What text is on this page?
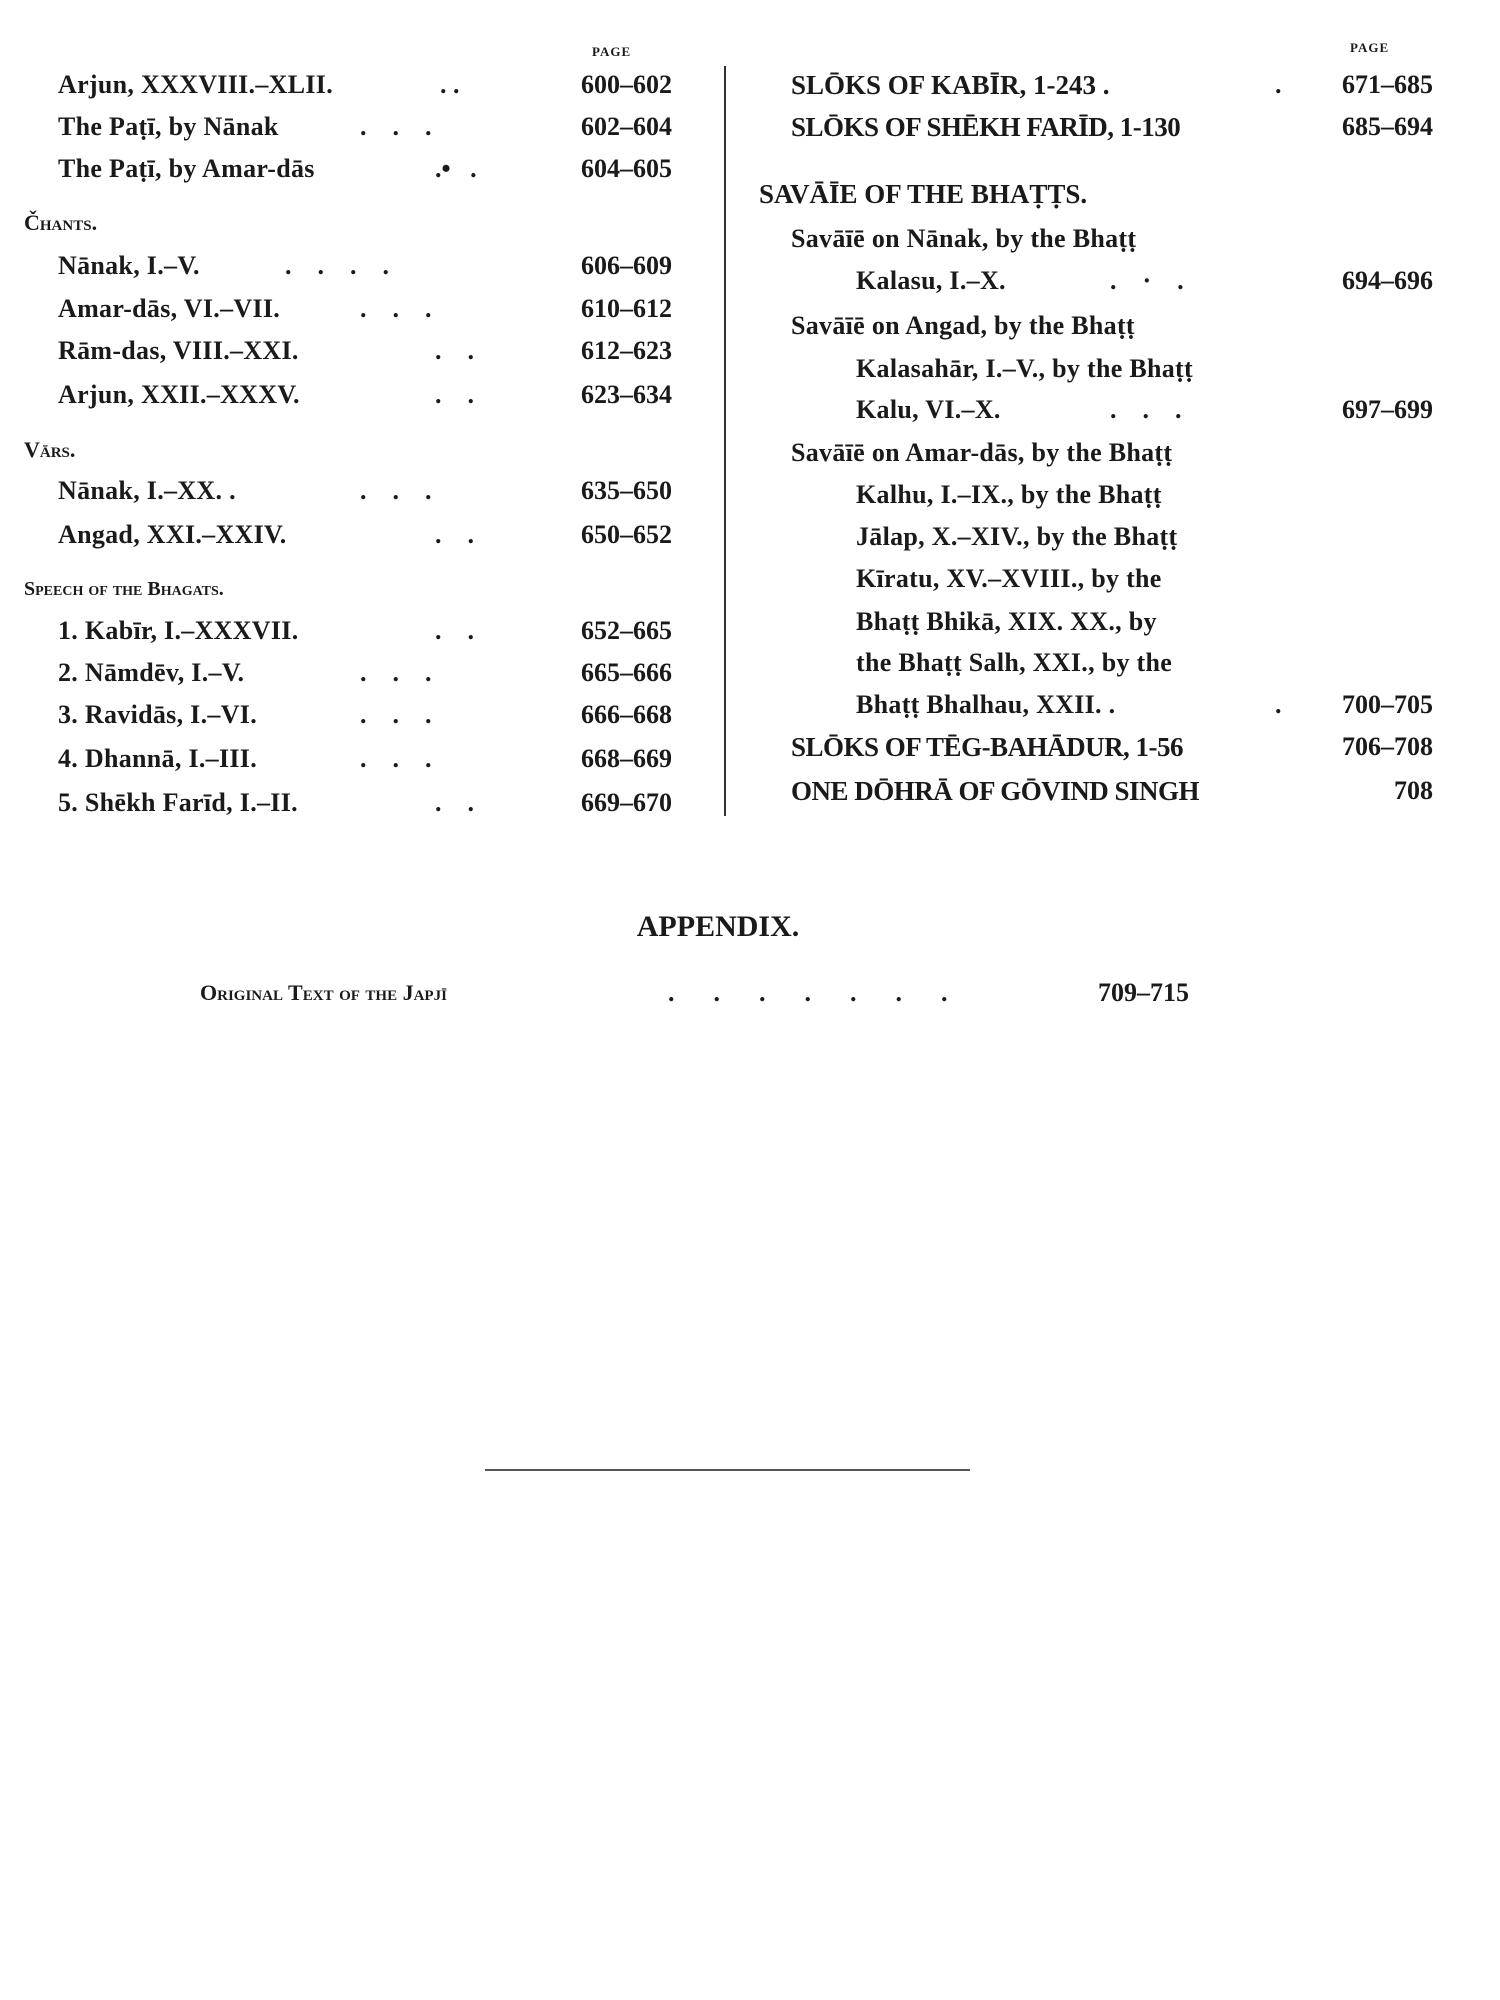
PAGE	PAGE
Arjun, XXXVIII.–XLII.	. .	600–602
The Paṭī, by Nānak	.    .    .	602–604
The Paṭī, by Amar-dās	.•   .	604–605
Čhants.
Nānak, I.–V.	.    .    .    .	606–609
Amar-dās, VI.–VII.	.    .    .	610–612
Rām-das, VIII.–XXI.	.    .	612–623
Arjun, XXII.–XXXV.	.    .	623–634
Vārs.
Nānak, I.–XX. .	.    .    .	635–650
Angad, XXI.–XXIV.	.    .	650–652
Speech of the Bhagats.
1. Kabīr, I.–XXXVII.	.    .	652–665
2. Nāmdēv, I.–V.	.    .    .	665–666
3. Ravidās, I.–VI.	.    .    .	666–668
4. Dhannā, I.–III.	.    .    .	668–669
5. Shēkh Farīd, I.–II.	.    .	669–670
SLŌKS OF KABĪR, 1-243 .	.	671–685
SLŌKS OF SHĒKH FARĪD, 1-130	685–694
SAVĀĪE OF THE BHAṬṬS.
Savāīē on Nānak, by the Bhaṭṭ
Kalasu, I.–X.	.    ·    .	694–696
Savāīē on Angad, by the Bhaṭṭ
Kalasahār, I.–V., by the Bhaṭṭ
Kalu, VI.–X.	.    .    .	697–699
Savāīē on Amar-dās, by the Bhaṭṭ
Kalhu, I.–IX., by the Bhaṭṭ
Jālap, X.–XIV., by the Bhaṭṭ
Kīratu, XV.–XVIII., by the
Bhaṭṭ Bhikā, XIX. XX., by
the Bhaṭṭ Salh, XXI., by the
Bhaṭṭ Bhalhau, XXII. .	.	700–705
SLŌKS OF TĒG-BAHĀDUR, 1-56	706–708
ONE DŌHRĀ OF GŌVIND SINGH	708
APPENDIX.
Original Text of the Japjī	.      .      .      .      .      .      .	709–715
